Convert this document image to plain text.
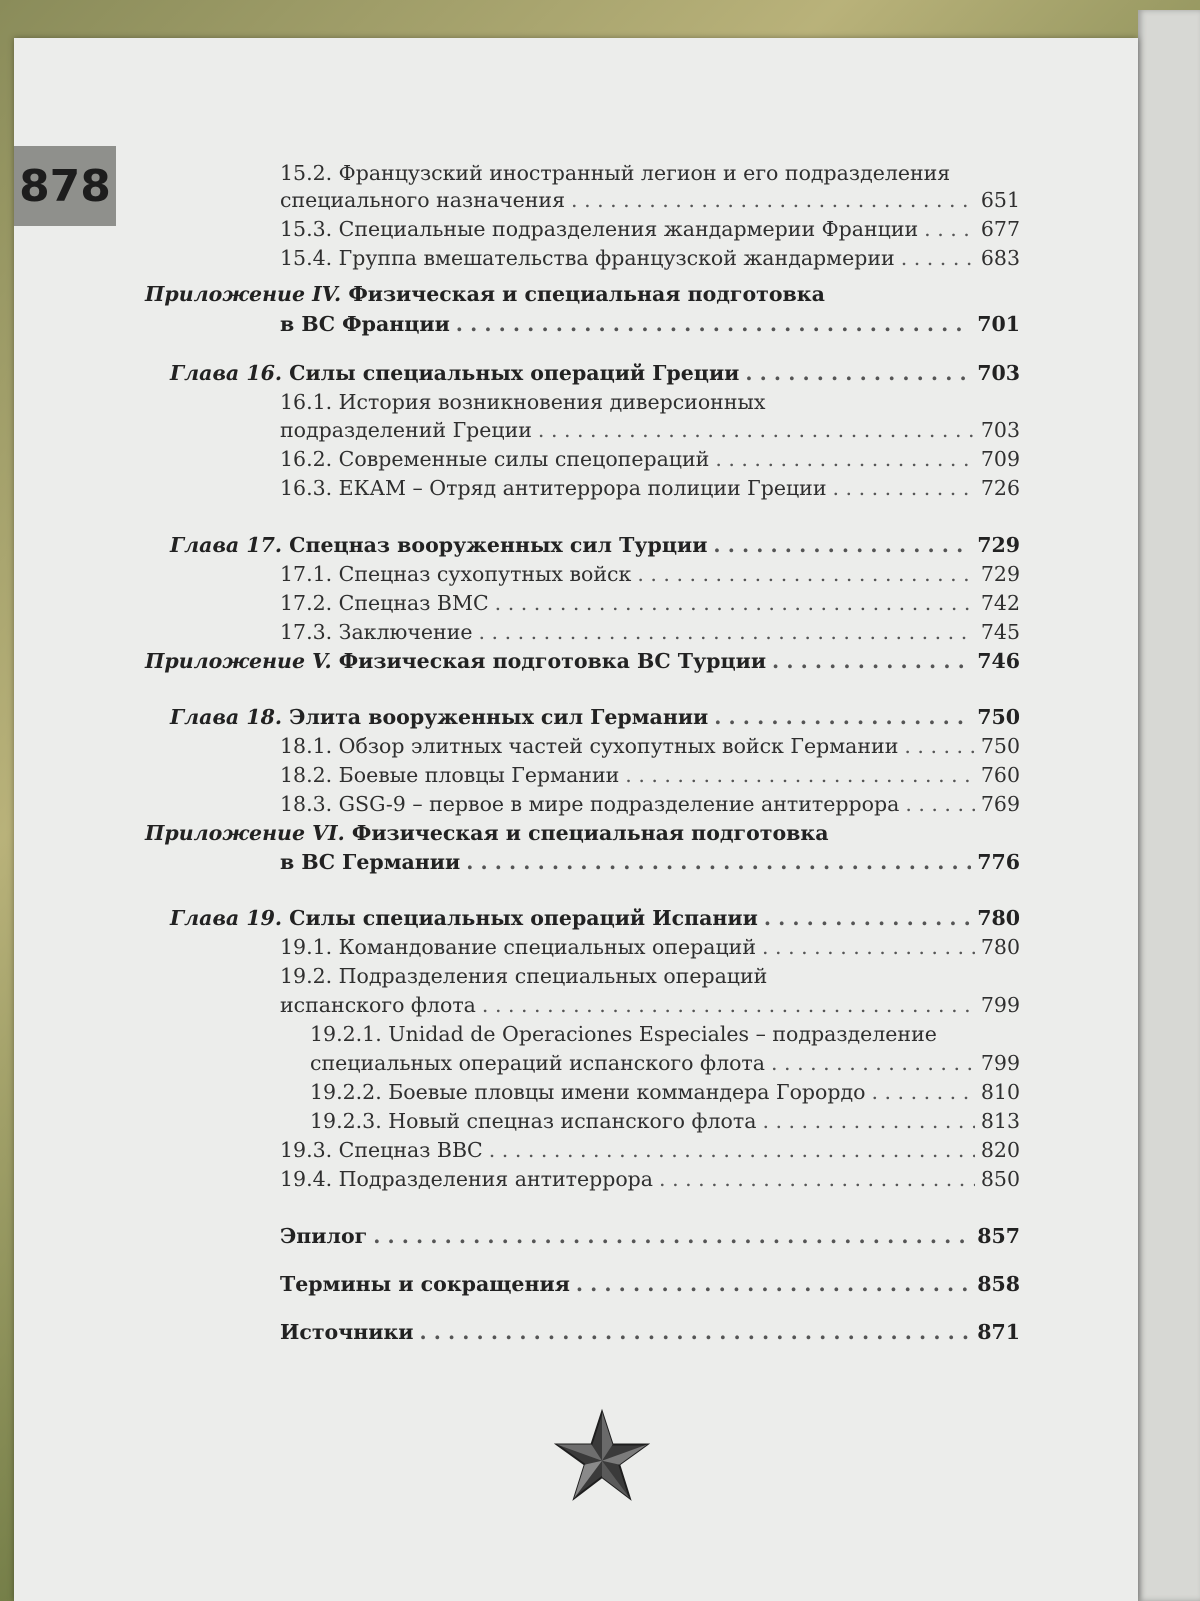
878	15.2. Французский иностранный легион и его подразделения
специального назначения . . .	651
15.3. Специальные подразделения жандармерии Франции . . .	677
15.4. Группа вмешательства французской жандармерии . . .	683
Приложение IV. Физическая и специальная подготовка
в ВС Франции . . .	701
Глава 16. Силы специальных операций Греции . . .	703
16.1. История возникновения диверсионных
подразделений Греции . . .	703
16.2. Современные силы спецопераций . . .	709
16.3. ЕКАМ – Отряд антитеррора полиции Греции . . .	726
Глава 17. Спецназ вооруженных сил Турции . . .	729
17.1. Спецназ сухопутных войск . . .	729
17.2. Спецназ ВМС . . .	742
17.3. Заключение . . .	745
Приложение V. Физическая подготовка ВС Турции . . .	746
Глава 18. Элита вооруженных сил Германии . . .	750
18.1. Обзор элитных частей сухопутных войск Германии . . .	750
18.2. Боевые пловцы Германии . . .	760
18.3. GSG-9 – первое в мире подразделение антитеррора . . .	769
Приложение VI. Физическая и специальная подготовка
в ВС Германии . . .	776
Глава 19. Силы специальных операций Испании . . .	780
19.1. Командование специальных операций . . .	780
19.2. Подразделения специальных операций
испанского флота . . .	799
19.2.1. Unidad de Operaciones Especiales – подразделение
специальных операций испанского флота . . .	799
19.2.2. Боевые пловцы имени коммандера Горордо . . .	810
19.2.3. Новый спецназ испанского флота . . .	813
19.3. Спецназ ВВС . . .	820
19.4. Подразделения антитеррора . . .	850
Эпилог . . .	857
Термины и сокращения . . .	858
Источники . . .	871
